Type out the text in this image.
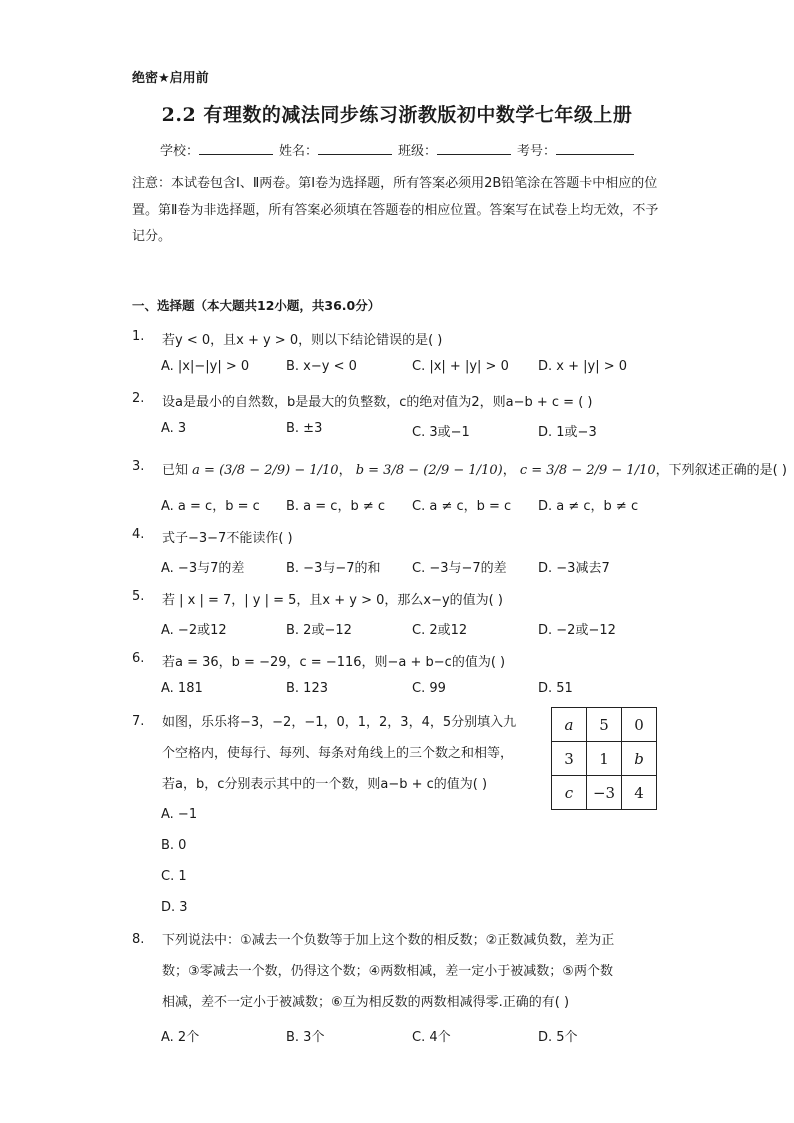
绝密★启用前
2.2 有理数的减法同步练习浙教版初中数学七年级上册
学校：	姓名：	班级：	考号：
注意：本试卷包含Ⅰ、Ⅱ两卷。第Ⅰ卷为选择题，所有答案必须用2B铅笔涂在答题卡中相应的位置。第Ⅱ卷为非选择题，所有答案必须填在答题卷的相应位置。答案写在试卷上均无效，不予记分。
一、选择题（本大题共12小题，共36.0分）
1. 若y < 0，且x + y > 0，则以下结论错误的是( )
A. |x|−|y| > 0	B. x−y < 0	C. |x| + |y| > 0 D. x + |y| > 0
2. 设a是最小的自然数，b是最大的负整数，c的绝对值为2，则a−b + c = ( )
A. 3	B. ±3	C. 3或−1	D. 1或−3
3. 已知 a = (3/8 − 2/9) − 1/10， b = 3/8 − (2/9 − 1/10)， c = 3/8 − 2/9 − 1/10，下列叙述正确的是( )
A. a = c，b = c B. a = c，b ≠ c C. a ≠ c，b = c D. a ≠ c，b ≠ c
4. 式子−3−7不能读作( )
A. −3与7的差	B. −3与−7的和 C. −3与−7的差 D. −3减去7
5. 若 | x | = 7，| y | = 5，且x + y > 0，那么x−y的值为( )
A. −2或12	B. 2或−12	C. 2或12	D. −2或−12
6. 若a = 36，b = −29，c = −116，则−a + b−c的值为( )
A. 181	B. 123	C. 99	D. 51
7. 如图，乐乐将−3，−2，−1，0，1，2，3，4，5分别填入九
个空格内，使每行、每列、每条对角线上的三个数之和相等，
若a，b，c分别表示其中的一个数，则a−b + c的值为( )
a	5	0
3	1	b
c	−3	4
A. −1
B. 0
C. 1
D. 3
8. 下列说法中：①减去一个负数等于加上这个数的相反数；②正数减负数，差为正
数；③零减去一个数，仍得这个数；④两数相减，差一定小于被减数；⑤两个数
相减，差不一定小于被减数；⑥互为相反数的两数相减得零.正确的有( )
A. 2个	B. 3个	C. 4个	D. 5个
